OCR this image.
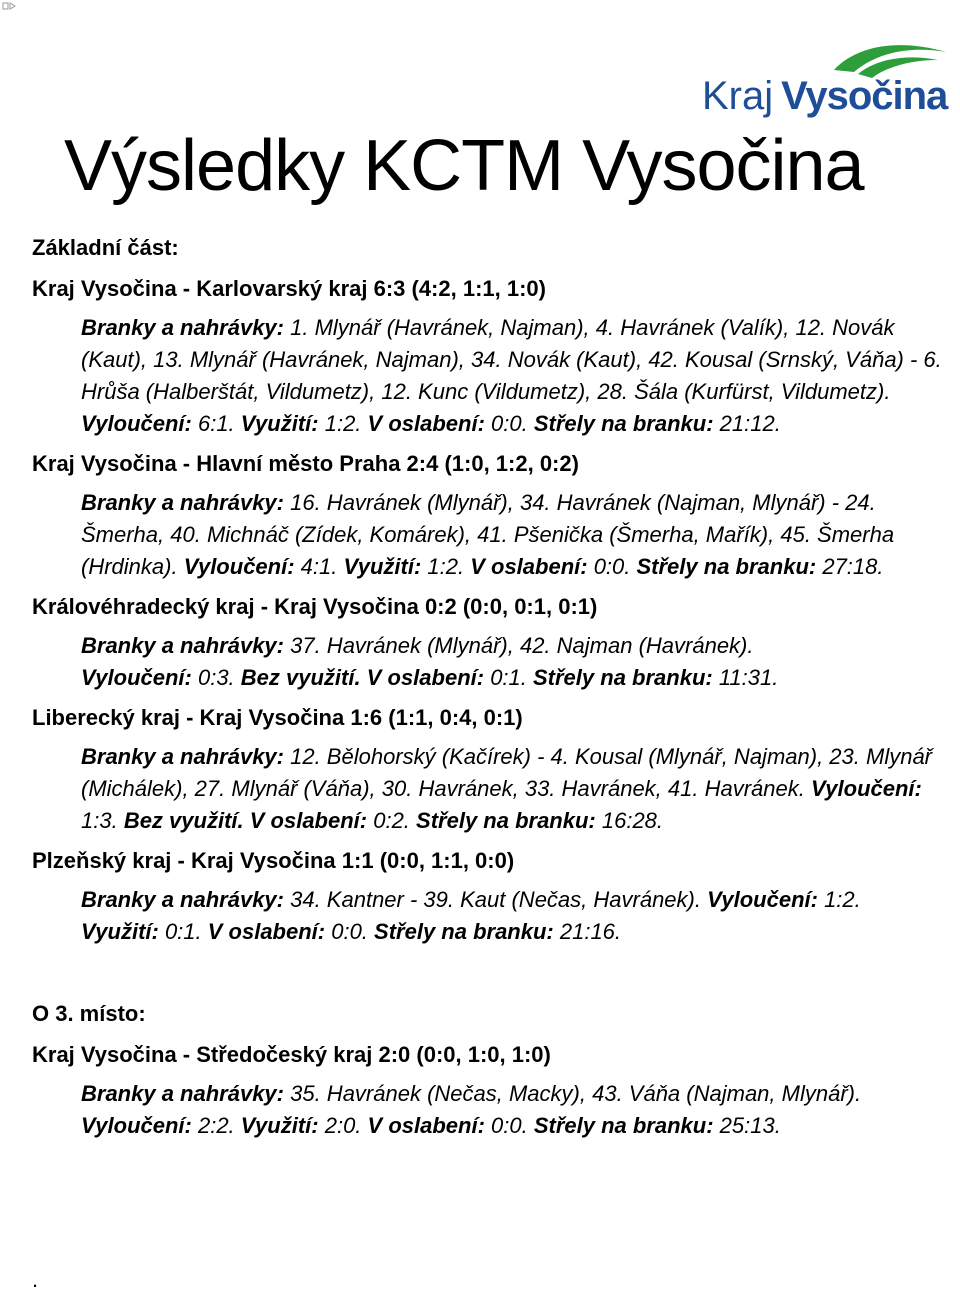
Kraj Vysočina
Výsledky KCTM Vysočina
Základní část:
Kraj Vysočina - Karlovarský kraj 6:3 (4:2, 1:1, 1:0)
Branky a nahrávky: 1. Mlynář (Havránek, Najman), 4. Havránek (Valík), 12. Novák (Kaut), 13. Mlynář (Havránek, Najman), 34. Novák (Kaut), 42. Kousal (Srnský, Váňa) - 6. Hrůša (Halberštát, Vildumetz), 12. Kunc (Vildumetz), 28. Šála (Kurfürst, Vildumetz). Vyloučení: 6:1. Využití: 1:2. V oslabení: 0:0. Střely na branku: 21:12.
Kraj Vysočina - Hlavní město Praha 2:4 (1:0, 1:2, 0:2)
Branky a nahrávky: 16. Havránek (Mlynář), 34. Havránek (Najman, Mlynář) - 24. Šmerha, 40. Michnáč (Zídek, Komárek), 41. Pšenička (Šmerha, Mařík), 45. Šmerha (Hrdinka). Vyloučení: 4:1. Využití: 1:2. V oslabení: 0:0. Střely na branku: 27:18.
Královéhradecký kraj - Kraj Vysočina 0:2 (0:0, 0:1, 0:1)
Branky a nahrávky: 37. Havránek (Mlynář), 42. Najman (Havránek).
Vyloučení: 0:3. Bez využití. V oslabení: 0:1. Střely na branku: 11:31.
Liberecký kraj - Kraj Vysočina 1:6 (1:1, 0:4, 0:1)
Branky a nahrávky: 12. Bělohorský (Kačírek) - 4. Kousal (Mlynář, Najman), 23. Mlynář (Michálek), 27. Mlynář (Váňa), 30. Havránek, 33. Havránek, 41. Havránek. Vyloučení: 1:3. Bez využití. V oslabení: 0:2. Střely na branku: 16:28.
Plzeňský kraj - Kraj Vysočina 1:1 (0:0, 1:1, 0:0)
Branky a nahrávky: 34. Kantner - 39. Kaut (Nečas, Havránek). Vyloučení: 1:2.
Využití: 0:1. V oslabení: 0:0. Střely na branku: 21:16.
O 3. místo:
Kraj Vysočina - Středočeský kraj 2:0 (0:0, 1:0, 1:0)
Branky a nahrávky: 35. Havránek (Nečas, Macky), 43. Váňa (Najman, Mlynář).
Vyloučení: 2:2. Využití: 2:0. V oslabení: 0:0. Střely na branku: 25:13.
.
